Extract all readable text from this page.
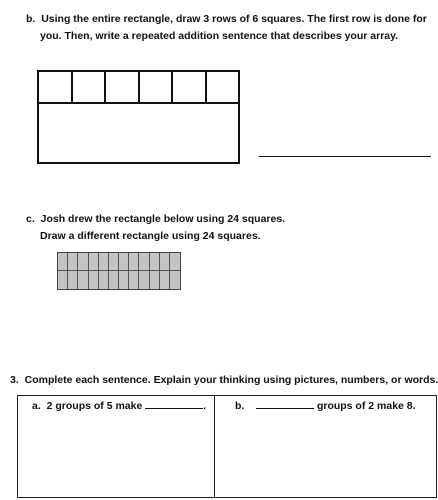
b. Using the entire rectangle, draw 3 rows of 6 squares. The first row is done for
you. Then, write a repeated addition sentence that describes your array.
c. Josh drew the rectangle below using 24 squares.
Draw a different rectangle using 24 squares.
3. Complete each sentence. Explain your thinking using pictures, numbers, or words.
a. 2 groups of 5 make	.	b.	groups of 2 make 8.
